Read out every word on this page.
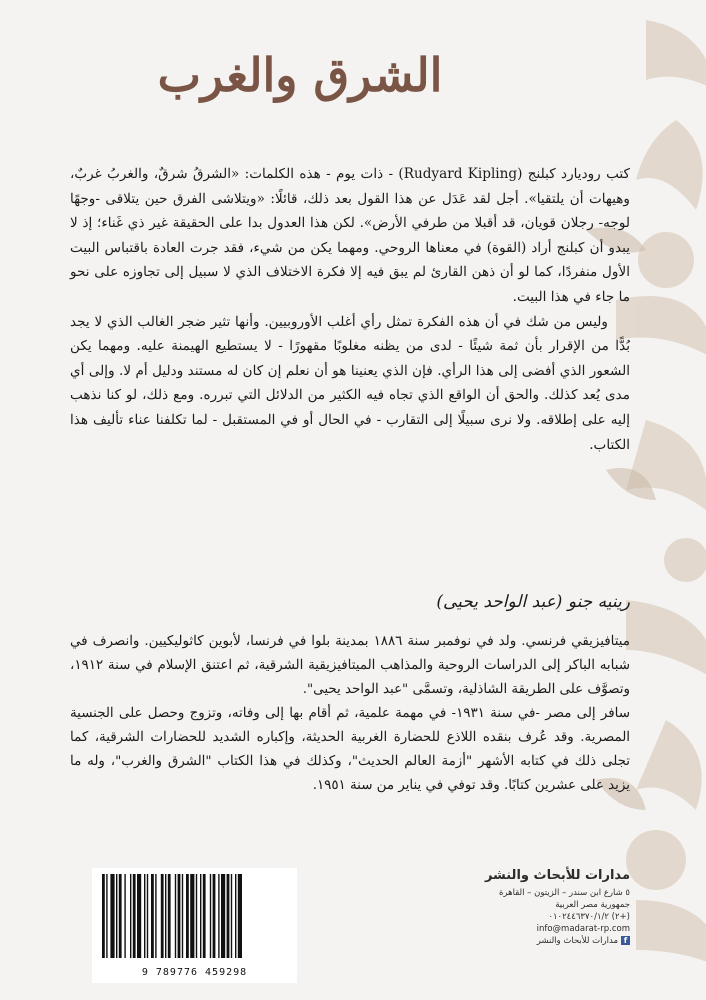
الشرق والغرب

كتب روديارد كبلنج (Rudyard Kipling) - ذات يوم - هذه الكلمات: «الشرقُ شرقٌ، والغربُ غربٌ، وهيهات أن يلتقيا». أجل لقد عَدَل عن هذا القول بعد ذلك، قائلًا: «ويتلاشى الفرق حين يتلاقى -وجهًا لوجه- رجلان قويان، قد أقبلا من طرفي الأرض». لكن هذا العدول بدا على الحقيقة غير ذي غَناء؛ إذ لا يبدو أن كبلنج أراد (القوة) في معناها الروحي. ومهما يكن من شيء، فقد جرت العادة باقتباس البيت الأول منفردًا، كما لو أن ذهن القارئ لم يبق فيه إلا فكرة الاختلاف الذي لا سبيل إلى تجاوزه على نحو ما جاء في هذا البيت.

وليس من شك في أن هذه الفكرة تمثل رأي أغلب الأوروبيين. وأنها تثير ضجر الغالب الذي لا يجد بُدًّا من الإقرار بأن ثمة شيئًا - لدى من يظنه مغلوبًا مقهورًا - لا يستطيع الهيمنة عليه. ومهما يكن الشعور الذي أفضى إلى هذا الرأي. فإن الذي يعنينا هو أن نعلم إن كان له مستند ودليل أم لا. وإلى أي مدى يُعد كذلك. والحق أن الواقع الذي تجاه فيه الكثير من الدلائل التي تبرره. ومع ذلك، لو كنا نذهب إليه على إطلاقه. ولا نرى سبيلًا إلى التقارب - في الحال أو في المستقبل - لما تكلفنا عناء تأليف هذا الكتاب.

رينيه جنو (عبد الواحد يحيى)

ميتافيزيقي فرنسي. ولد في نوفمبر سنة ١٨٨٦ بمدينة بلوا في فرنسا، لأبوين كاثوليكيين. وانصرف في شبابه الباكر إلى الدراسات الروحية والمذاهب الميتافيزيقية الشرقية، ثم اعتنق الإسلام في سنة ١٩١٢، وتصوَّف على الطريقة الشاذلية، وتسمَّى "عبد الواحد يحيى".

سافر إلى مصر -في سنة ١٩٣١- في مهمة علمية، ثم أقام بها إلى وفاته، وتزوج وحصل على الجنسية المصرية. وقد عُرف بنقده اللاذع للحضارة الغربية الحديثة، وإكباره الشديد للحضارات الشرقية، كما تجلى ذلك في كتابه الأشهر "أزمة العالم الحديث"، وكذلك في هذا الكتاب "الشرق والغرب"، وله ما يزيد على عشرين كتابًا. وقد توفي في يناير من سنة ١٩٥١.

9 789776 459298
مدارات للأبحاث والنشر
٥ شارع ابن سندر – الزيتون – القاهرة
جمهورية مصر العربية
(+٢) ٠١٠٢٤٤٦٣٧٠/١/٢
info@madarat-rp.com
fمدارات للأبحاث والنشر
